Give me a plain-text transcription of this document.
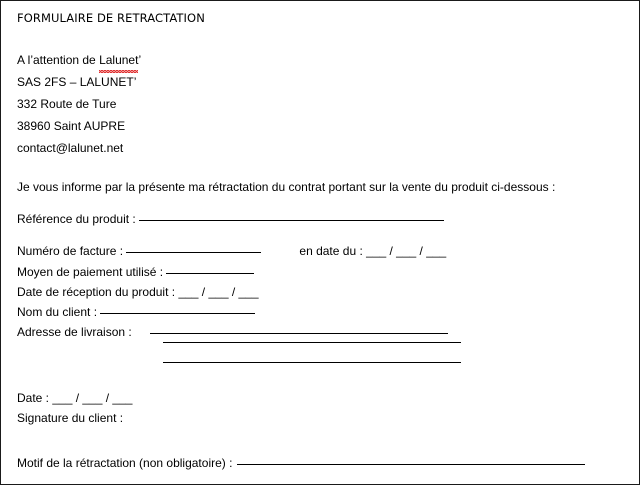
FORMULAIRE DE RETRACTATION
A l’attention de Lalunet’
SAS 2FS – LALUNET’
332 Route de Ture
38960 Saint AUPRE
contact@lalunet.net
Je vous informe par la présente ma rétractation du contrat portant sur la vente du produit ci-dessous :
Référence du produit :
Numéro de facture :	en date du : ___ / ___ / ___
Moyen de paiement utilisé :
Date de réception du produit : ___ / ___ / ___
Nom du client :
Adresse de livraison :
Date : ___ / ___ / ___
Signature du client :
Motif de la rétractation (non obligatoire) :
